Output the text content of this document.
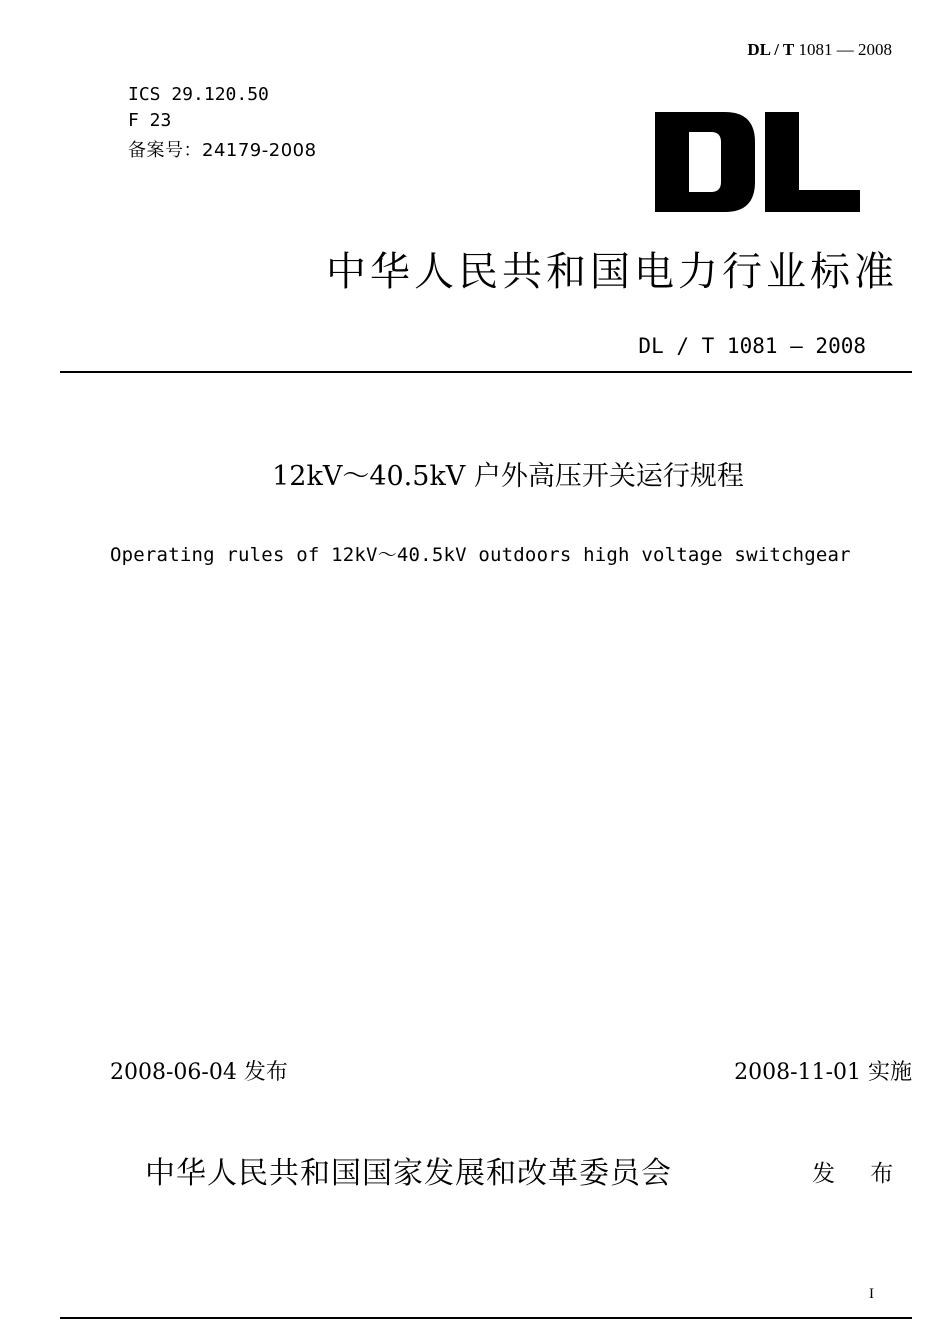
DL / T 1081 — 2008
ICS 29.120.50
F 23
备案号：24179-2008
中华人民共和国电力行业标准
DL / T 1081 — 2008
12kV～40.5kV 户外高压开关运行规程
Operating rules of 12kV～40.5kV outdoors high voltage switchgear
2008-06-04 发布	2008-11-01 实施
中华人民共和国国家发展和改革委员会	发 布
I
